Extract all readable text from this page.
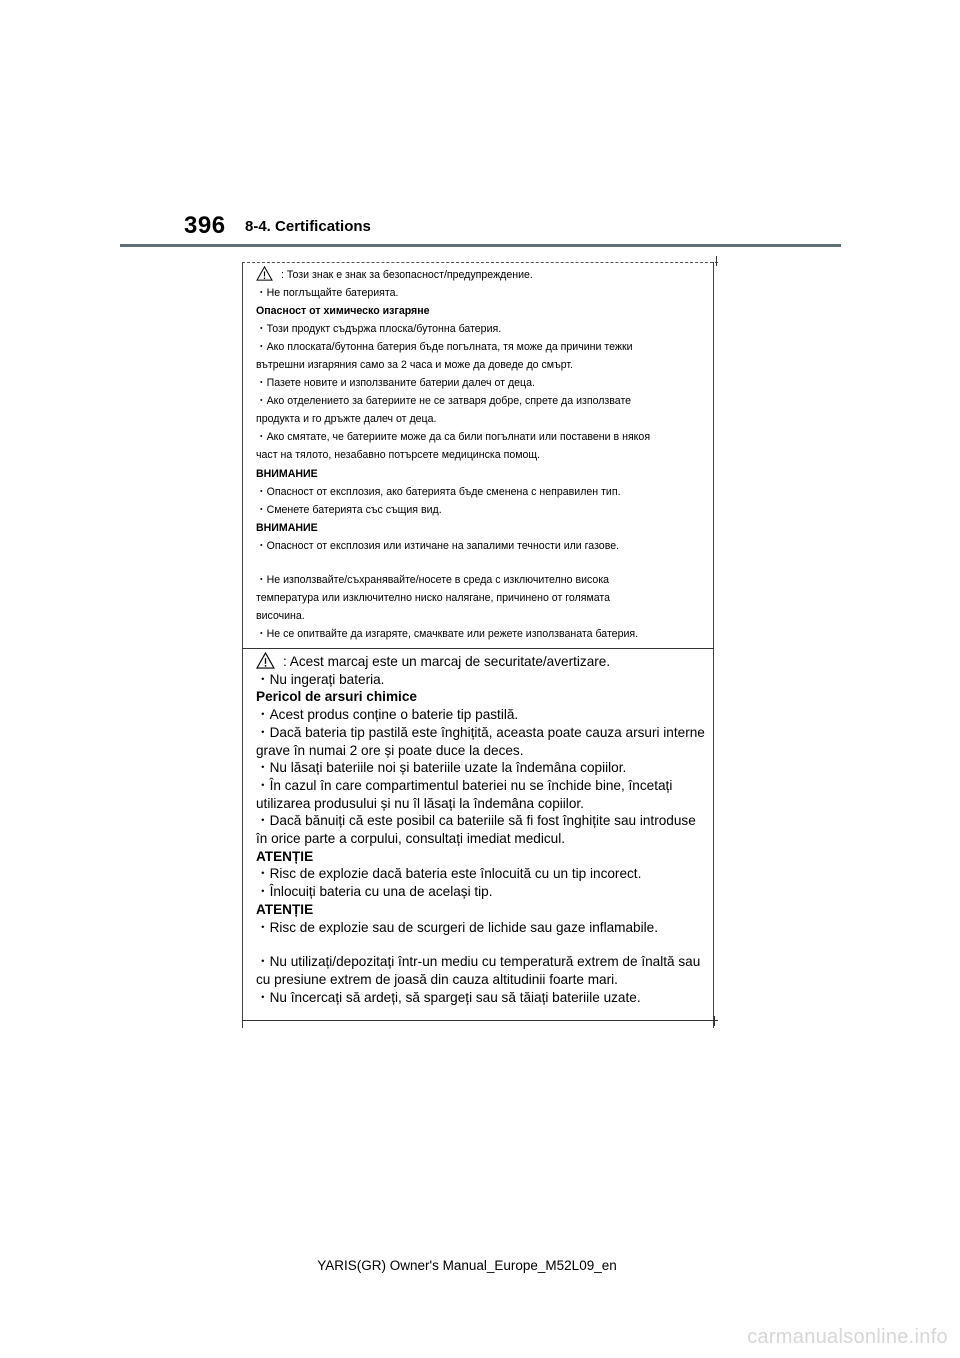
396 8-4. Certifications
: Този знак е знак за безопасност/предупреждение.
・Не поглъщайте батерията.
Опасност от химическо изгаряне
・Този продукт съдържа плоска/бутонна батерия.
・Ако плоската/бутонна батерия бъде погълната, тя може да причини тежки
вътрешни изгаряния само за 2 часа и може да доведе до смърт.
・Пазете новите и използваните батерии далеч от деца.
・Ако отделението за батериите не се затваря добре, спрете да използвате
продукта и го дръжте далеч от деца.
・Ако смятате, че батериите може да са били погълнати или поставени в някоя
част на тялото, незабавно потърсете медицинска помощ.
ВНИМАНИЕ
・Опасност от експлозия, ако батерията бъде сменена с неправилен тип.
・Сменете батерията със същия вид.
ВНИМАНИЕ
・Опасност от експлозия или изтичане на запалими течности или газове.
・Не използвайте/съхранявайте/носете в среда с изключително висока
температура или изключително ниско налягане, причинено от голямата
височина.
・Не се опитвайте да изгаряте, смачквате или режете използваната батерия.
: Acest marcaj este un marcaj de securitate/avertizare.
・Nu ingerați bateria.
Pericol de arsuri chimice
・Acest produs conține o baterie tip pastilă.
・Dacă bateria tip pastilă este înghițită, aceasta poate cauza arsuri interne
grave în numai 2 ore și poate duce la deces.
・Nu lăsați bateriile noi și bateriile uzate la îndemâna copiilor.
・În cazul în care compartimentul bateriei nu se închide bine, încetați
utilizarea produsului și nu îl lăsați la îndemâna copiilor.
・Dacă bănuiți că este posibil ca bateriile să fi fost înghițite sau introduse
în orice parte a corpului, consultați imediat medicul.
ATENȚIE
・Risc de explozie dacă bateria este înlocuită cu un tip incorect.
・Înlocuiți bateria cu una de același tip.
ATENȚIE
・Risc de explozie sau de scurgeri de lichide sau gaze inflamabile.
・Nu utilizați/depozitați într-un mediu cu temperatură extrem de înaltă sau
cu presiune extrem de joasă din cauza altitudinii foarte mari.
・Nu încercați să ardeți, să spargeți sau să tăiați bateriile uzate.
YARIS(GR) Owner's Manual_Europe_M52L09_en
carmanualsonline.info
